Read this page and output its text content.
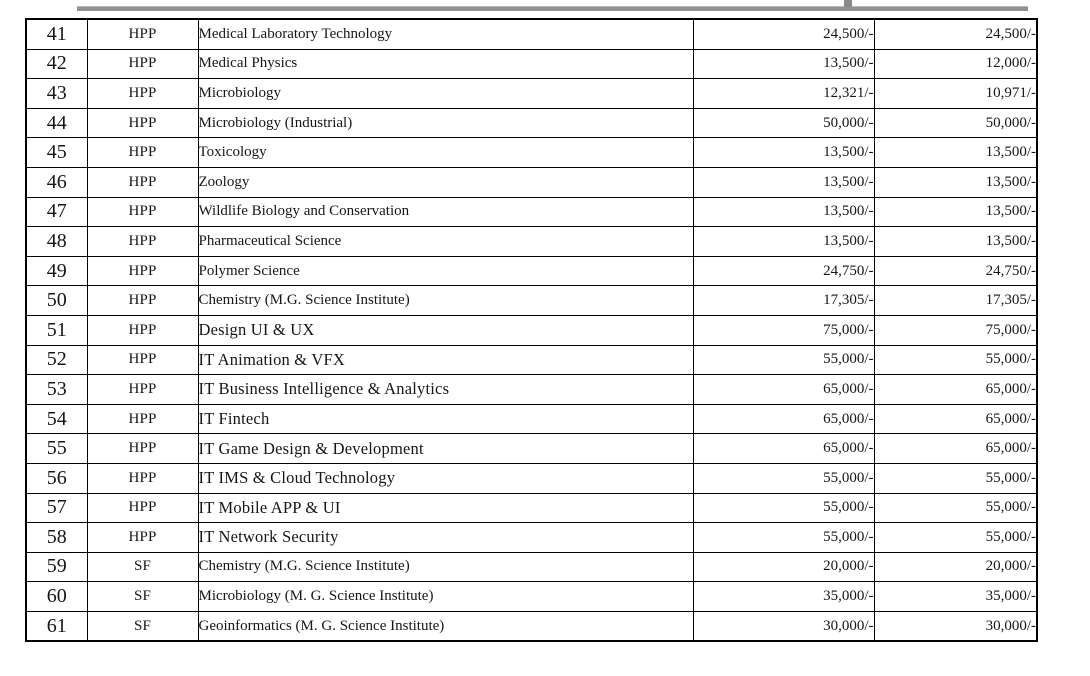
41	HPP	Medical Laboratory Technology	24,500/-	24,500/-
42	HPP	Medical Physics	13,500/-	12,000/-
43	HPP	Microbiology	12,321/-	10,971/-
44	HPP	Microbiology (Industrial)	50,000/-	50,000/-
45	HPP	Toxicology	13,500/-	13,500/-
46	HPP	Zoology	13,500/-	13,500/-
47	HPP	Wildlife Biology and Conservation	13,500/-	13,500/-
48	HPP	Pharmaceutical Science	13,500/-	13,500/-
49	HPP	Polymer Science	24,750/-	24,750/-
50	HPP	Chemistry (M.G. Science Institute)	17,305/-	17,305/-
51	HPP	Design UI & UX	75,000/-	75,000/-
52	HPP	IT Animation & VFX	55,000/-	55,000/-
53	HPP	IT Business Intelligence & Analytics	65,000/-	65,000/-
54	HPP	IT Fintech	65,000/-	65,000/-
55	HPP	IT Game Design & Development	65,000/-	65,000/-
56	HPP	IT IMS & Cloud Technology	55,000/-	55,000/-
57	HPP	IT Mobile APP & UI	55,000/-	55,000/-
58	HPP	IT Network Security	55,000/-	55,000/-
59	SF	Chemistry (M.G. Science Institute)	20,000/-	20,000/-
60	SF	Microbiology (M. G. Science Institute)	35,000/-	35,000/-
61	SF	Geoinformatics (M. G. Science Institute)	30,000/-	30,000/-
